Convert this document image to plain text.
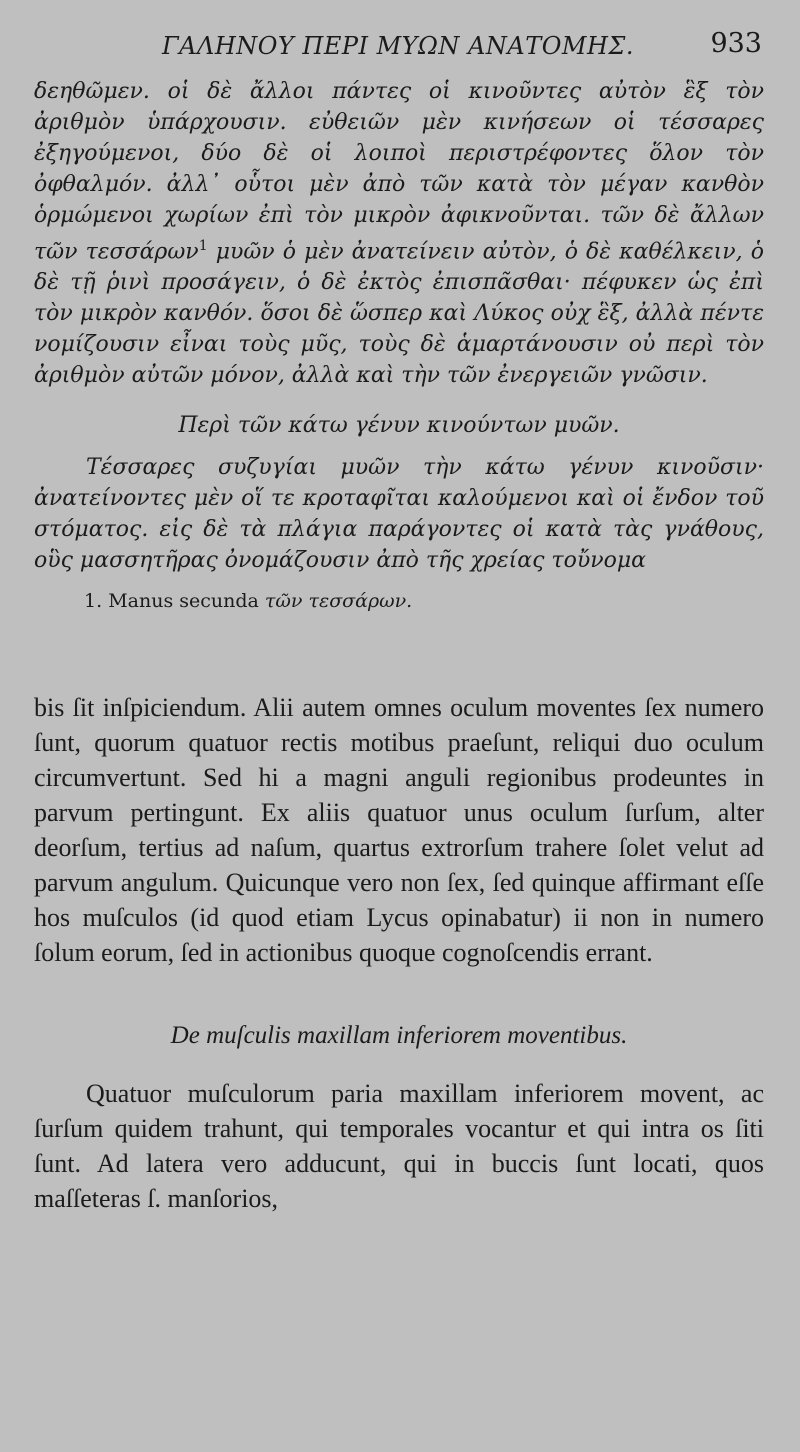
ΓΑΛΗΝΟΥ ΠΕΡΙ ΜΥΩΝ ΑΝΑΤΟΜΗΣ.	933

δεηθῶμεν. οἱ δὲ ἄλλοι πάντες οἱ κινοῦντες αὐτὸν ἓξ τὸν ἀριθμὸν ὑπάρχουσιν. εὐθειῶν μὲν κινήσεων οἱ τέσσαρες ἐξηγούμενοι, δύο δὲ οἱ λοιποὶ περιστρέφοντες ὅλον τὸν ὀφθαλμόν. ἀλλ᾽ οὗτοι μὲν ἀπὸ τῶν κατὰ τὸν μέγαν κανθὸν ὁρμώμενοι χωρίων ἐπὶ τὸν μικρὸν ἀφικνοῦνται. τῶν δὲ ἄλλων τῶν τεσσάρων$^1$ μυῶν ὁ μὲν ἀνατείνειν αὐτὸν, ὁ δὲ καθέλκειν, ὁ δὲ τῇ ῥινὶ προσάγειν, ὁ δὲ ἐκτὸς ἐπισπᾶσθαι· πέφυκεν ὡς ἐπὶ τὸν μικρὸν κανθόν. ὅσοι δὲ ὥσπερ καὶ Λύκος οὐχ ἓξ, ἀλλὰ πέντε νομίζουσιν εἶναι τοὺς μῦς, τοὺς δὲ ἁμαρτάνουσιν οὐ περὶ τὸν ἀριθμὸν αὐτῶν μόνον, ἀλλὰ καὶ τὴν τῶν ἐνεργειῶν γνῶσιν.

Περὶ τῶν κάτω γένυν κινούντων μυῶν.

Τέσσαρες συζυγίαι μυῶν τὴν κάτω γένυν κινοῦσιν· ἀνατείνοντες μὲν οἵ τε κροταφῖται καλούμενοι καὶ οἱ ἔνδον τοῦ στόματος. εἰς δὲ τὰ πλάγια παράγοντες οἱ κατὰ τὰς γνάθους, οὓς μασσητῆρας ὀνομάζουσιν ἀπὸ τῆς χρείας τοὔνομα

1. Manus secunda τῶν τεσσάρων.

bis ſit inſpiciendum. Alii autem omnes oculum moventes ſex numero ſunt, quorum quatuor rectis motibus praeſunt, reliqui duo oculum circumvertunt. Sed hi a magni anguli regionibus prodeuntes in parvum pertingunt. Ex aliis quatuor unus oculum ſurſum, alter deorſum, tertius ad naſum, quartus extrorſum trahere ſolet velut ad parvum angulum. Quicunque vero non ſex, ſed quinque affirmant eſſe hos muſculos (id quod etiam Lycus opinabatur) ii non in numero ſolum eorum, ſed in actionibus quoque cognoſcendis errant.

De muſculis maxillam inferiorem moventibus.

Quatuor muſculorum paria maxillam inferiorem movent, ac ſurſum quidem trahunt, qui temporales vocantur et qui intra os ſiti ſunt. Ad latera vero adducunt, qui in buccis ſunt locati, quos maſſeteras ſ. manſorios,
